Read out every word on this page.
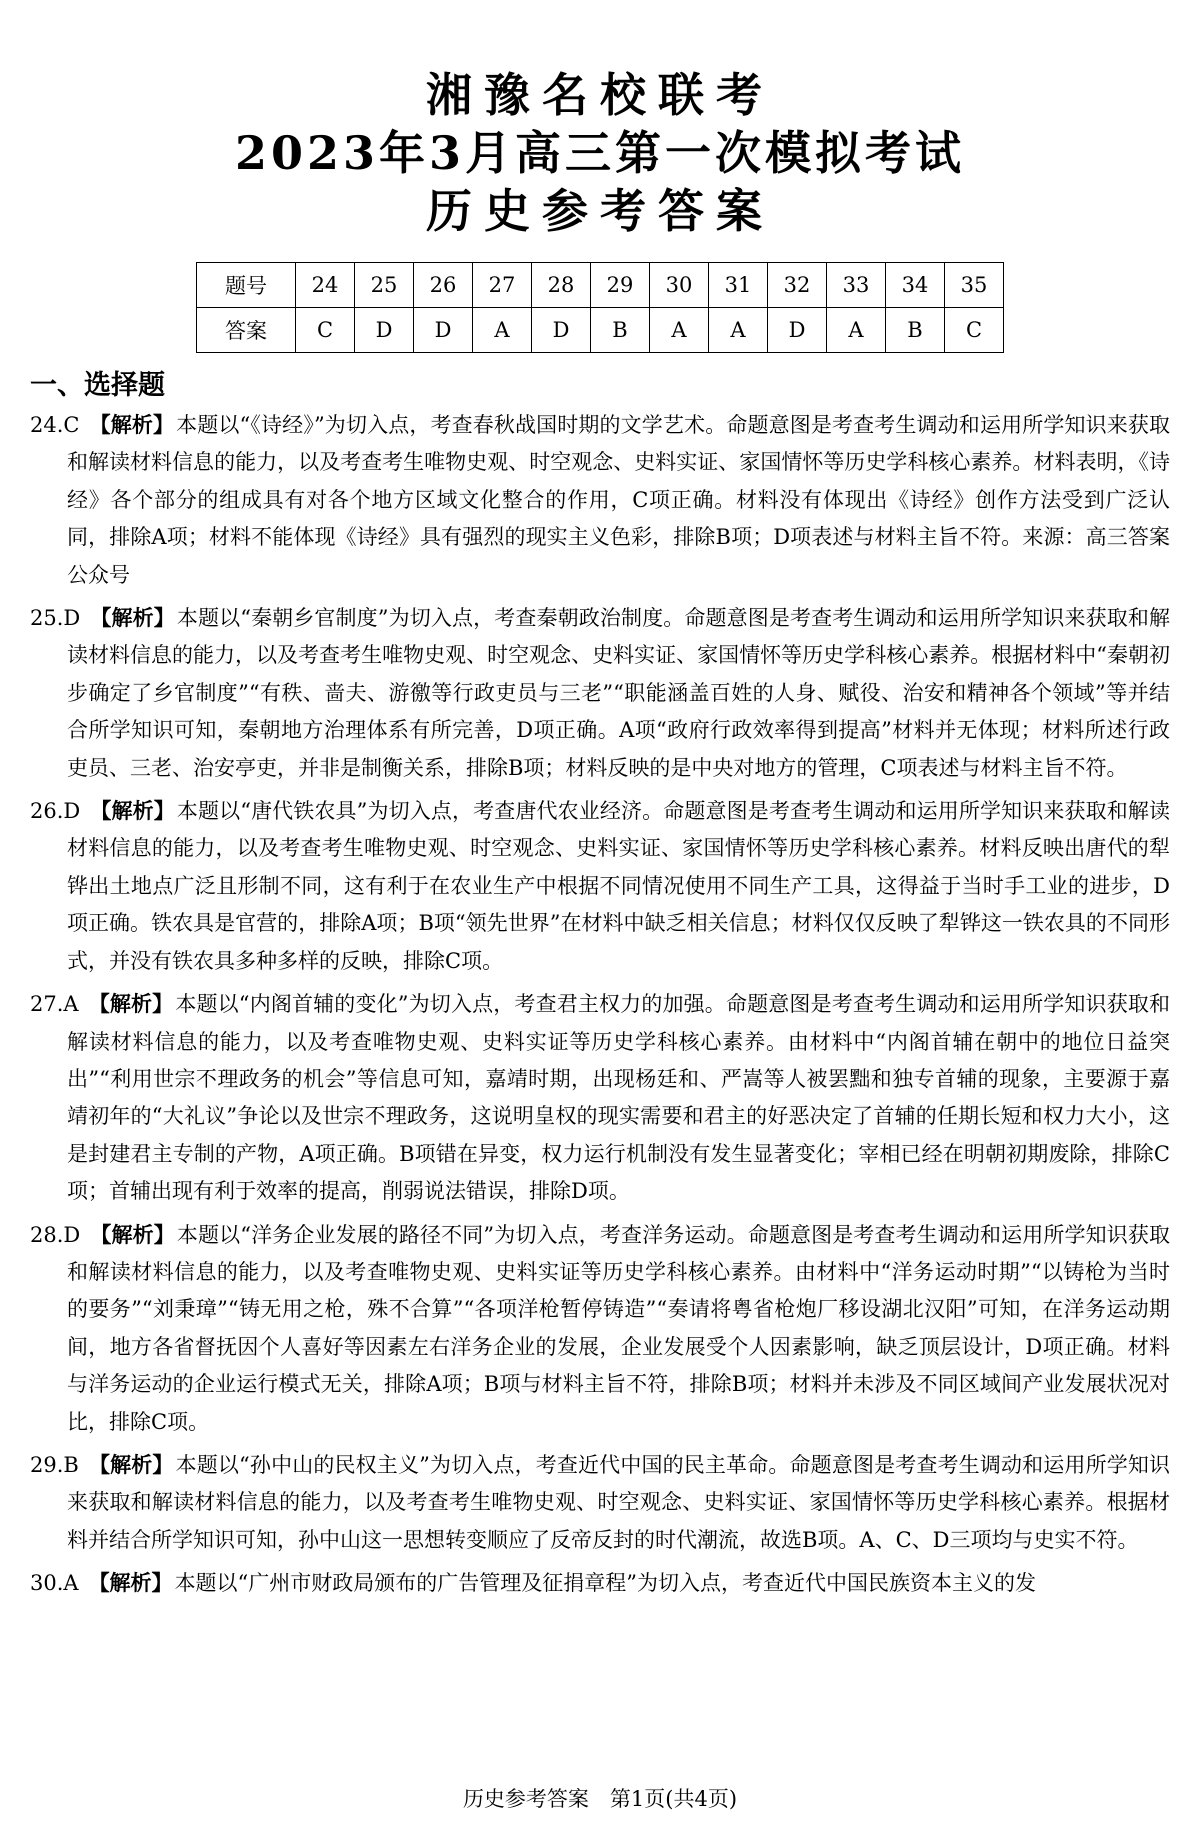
湘豫名校联考
2023年3月高三第一次模拟考试
历史参考答案
题号	24	25	26	27	28	29	30	31	32	33	34	35
答案	C	D	D	A	D	B	A	A	D	A	B	C
一、选择题

24.C 【解析】本题以“《诗经》”为切入点，考查春秋战国时期的文学艺术。命题意图是考查考生调动和运用所学知识来获取和解读材料信息的能力，以及考查考生唯物史观、时空观念、史料实证、家国情怀等历史学科核心素养。材料表明，《诗经》各个部分的组成具有对各个地方区域文化整合的作用，C项正确。材料没有体现出《诗经》创作方法受到广泛认同，排除A项；材料不能体现《诗经》具有强烈的现实主义色彩，排除B项；D项表述与材料主旨不符。来源：高三答案公众号

25.D 【解析】本题以“秦朝乡官制度”为切入点，考查秦朝政治制度。命题意图是考查考生调动和运用所学知识来获取和解读材料信息的能力，以及考查考生唯物史观、时空观念、史料实证、家国情怀等历史学科核心素养。根据材料中“秦朝初步确定了乡官制度”“有秩、啬夫、游徼等行政吏员与三老”“职能涵盖百姓的人身、赋役、治安和精神各个领域”等并结合所学知识可知，秦朝地方治理体系有所完善，D项正确。A项“政府行政效率得到提高”材料并无体现；材料所述行政吏员、三老、治安亭吏，并非是制衡关系，排除B项；材料反映的是中央对地方的管理，C项表述与材料主旨不符。

26.D 【解析】本题以“唐代铁农具”为切入点，考查唐代农业经济。命题意图是考查考生调动和运用所学知识来获取和解读材料信息的能力，以及考查考生唯物史观、时空观念、史料实证、家国情怀等历史学科核心素养。材料反映出唐代的犁铧出土地点广泛且形制不同，这有利于在农业生产中根据不同情况使用不同生产工具，这得益于当时手工业的进步，D项正确。铁农具是官营的，排除A项；B项“领先世界”在材料中缺乏相关信息；材料仅仅反映了犁铧这一铁农具的不同形式，并没有铁农具多种多样的反映，排除C项。

27.A 【解析】本题以“内阁首辅的变化”为切入点，考查君主权力的加强。命题意图是考查考生调动和运用所学知识获取和解读材料信息的能力，以及考查唯物史观、史料实证等历史学科核心素养。由材料中“内阁首辅在朝中的地位日益突出”“利用世宗不理政务的机会”等信息可知，嘉靖时期，出现杨廷和、严嵩等人被罢黜和独专首辅的现象，主要源于嘉靖初年的“大礼议”争论以及世宗不理政务，这说明皇权的现实需要和君主的好恶决定了首辅的任期长短和权力大小，这是封建君主专制的产物，A项正确。B项错在异变，权力运行机制没有发生显著变化；宰相已经在明朝初期废除，排除C项；首辅出现有利于效率的提高，削弱说法错误，排除D项。

28.D 【解析】本题以“洋务企业发展的路径不同”为切入点，考查洋务运动。命题意图是考查考生调动和运用所学知识获取和解读材料信息的能力，以及考查唯物史观、史料实证等历史学科核心素养。由材料中“洋务运动时期”“以铸枪为当时的要务”“刘秉璋”“铸无用之枪，殊不合算”“各项洋枪暂停铸造”“奏请将粤省枪炮厂移设湖北汉阳”可知，在洋务运动期间，地方各省督抚因个人喜好等因素左右洋务企业的发展，企业发展受个人因素影响，缺乏顶层设计，D项正确。材料与洋务运动的企业运行模式无关，排除A项；B项与材料主旨不符，排除B项；材料并未涉及不同区域间产业发展状况对比，排除C项。

29.B 【解析】本题以“孙中山的民权主义”为切入点，考查近代中国的民主革命。命题意图是考查考生调动和运用所学知识来获取和解读材料信息的能力，以及考查考生唯物史观、时空观念、史料实证、家国情怀等历史学科核心素养。根据材料并结合所学知识可知，孙中山这一思想转变顺应了反帝反封的时代潮流，故选B项。A、C、D三项均与史实不符。

30.A 【解析】本题以“广州市财政局颁布的广告管理及征捐章程”为切入点，考查近代中国民族资本主义的发

历史参考答案　第1页(共4页)
